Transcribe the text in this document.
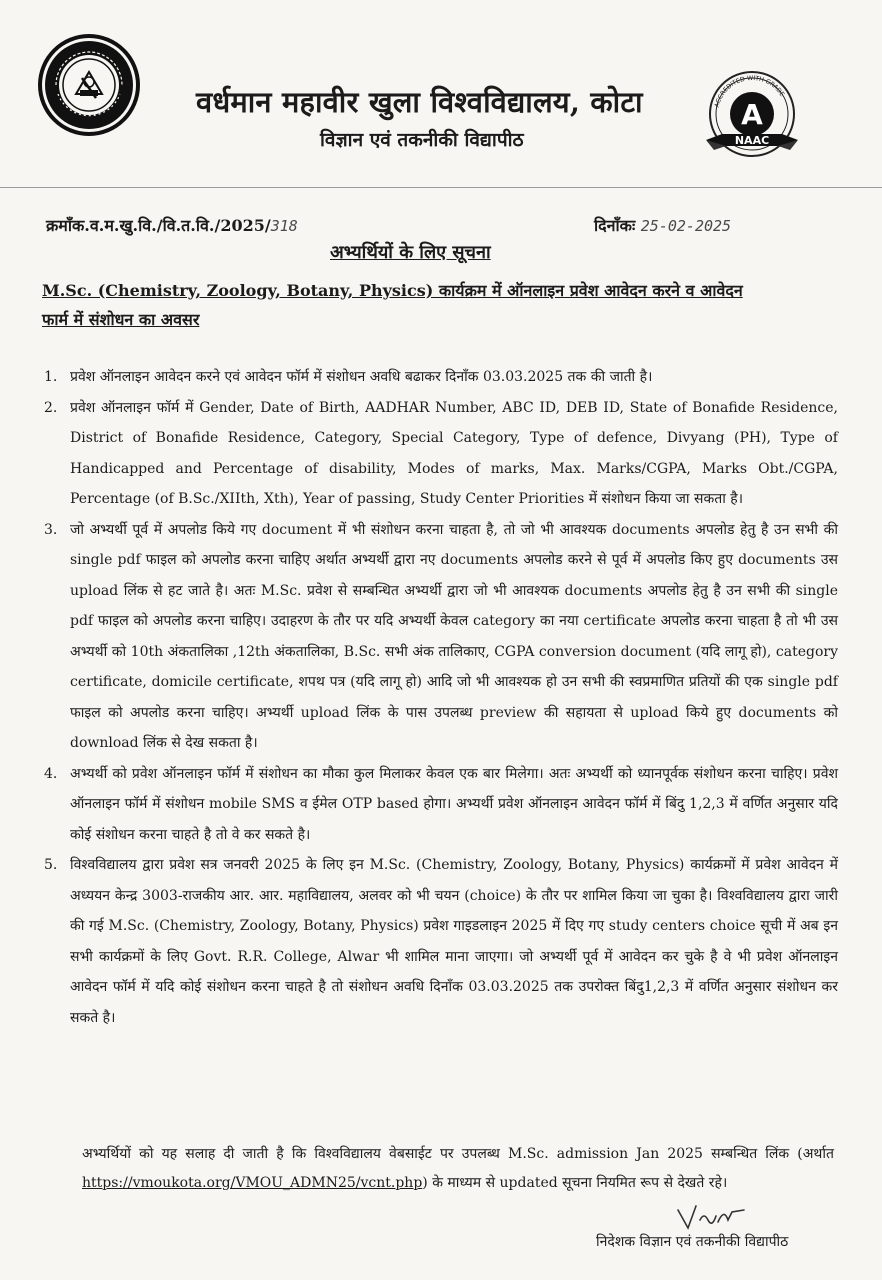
A
NAAC
ACCREDITED WITH GRADE
वर्धमान महावीर खुला विश्वविद्यालय, कोटा
विज्ञान एवं तकनीकी विद्यापीठ
क्रमाँक.व.म.खु.वि./वि.त.वि./2025/318	दिनाँकः 25-02-2025
अभ्यर्थियों के लिए सूचना
M.Sc. (Chemistry, Zoology, Botany, Physics) कार्यक्रम में ऑनलाइन प्रवेश आवेदन करने व आवेदन
फार्म में संशोधन का अवसर
1. प्रवेश ऑनलाइन आवेदन करने एवं आवेदन फॉर्म में संशोधन अवधि बढाकर दिनाँक 03.03.2025 तक की जाती है।
2. प्रवेश ऑनलाइन फॉर्म में Gender, Date of Birth, AADHAR Number, ABC ID, DEB ID, State of Bonafide Residence, District of Bonafide Residence, Category, Special Category, Type of defence, Divyang (PH), Type of Handicapped and Percentage of disability, Modes of marks, Max. Marks/CGPA, Marks Obt./CGPA, Percentage (of B.Sc./XIIth, Xth), Year of passing, Study Center Priorities में संशोधन किया जा सकता है।
3. जो अभ्यर्थी पूर्व में अपलोड किये गए document में भी संशोधन करना चाहता है, तो जो भी आवश्यक documents अपलोड हेतु है उन सभी की single pdf फाइल को अपलोड करना चाहिए अर्थात अभ्यर्थी द्वारा नए documents अपलोड करने से पूर्व में अपलोड किए हुए documents उस upload लिंक से हट जाते है। अतः M.Sc. प्रवेश से सम्बन्धित अभ्यर्थी द्वारा जो भी आवश्यक documents अपलोड हेतु है उन सभी की single pdf फाइल को अपलोड करना चाहिए। उदाहरण के तौर पर यदि अभ्यर्थी केवल category का नया certificate अपलोड करना चाहता है तो भी उस अभ्यर्थी को 10th अंकतालिका ,12th अंकतालिका, B.Sc. सभी अंक तालिकाए, CGPA conversion document (यदि लागू हो), category certificate, domicile certificate, शपथ पत्र (यदि लागू हो) आदि जो भी आवश्यक हो उन सभी की स्वप्रमाणित प्रतियों की एक single pdf फाइल को अपलोड करना चाहिए। अभ्यर्थी upload लिंक के पास उपलब्ध preview की सहायता से upload किये हुए documents को download लिंक से देख सकता है।
4. अभ्यर्थी को प्रवेश ऑनलाइन फॉर्म में संशोधन का मौका कुल मिलाकर केवल एक बार मिलेगा। अतः अभ्यर्थी को ध्यानपूर्वक संशोधन करना चाहिए। प्रवेश ऑनलाइन फॉर्म में संशोधन mobile SMS व ईमेल OTP based होगा। अभ्यर्थी प्रवेश ऑनलाइन आवेदन फॉर्म में बिंदु 1,2,3 में वर्णित अनुसार यदि कोई संशोधन करना चाहते है तो वे कर सकते है।
5. विश्वविद्यालय द्वारा प्रवेश सत्र जनवरी 2025 के लिए इन M.Sc. (Chemistry, Zoology, Botany, Physics) कार्यक्रमों में प्रवेश आवेदन में अध्ययन केन्द्र 3003-राजकीय आर. आर. महाविद्यालय, अलवर को भी चयन (choice) के तौर पर शामिल किया जा चुका है। विश्वविद्यालय द्वारा जारी की गई M.Sc. (Chemistry, Zoology, Botany, Physics) प्रवेश गाइडलाइन 2025 में दिए गए study centers choice सूची में अब इन सभी कार्यक्रमों के लिए Govt. R.R. College, Alwar भी शामिल माना जाएगा। जो अभ्यर्थी पूर्व में आवेदन कर चुके है वे भी प्रवेश ऑनलाइन आवेदन फॉर्म में यदि कोई संशोधन करना चाहते है तो संशोधन अवधि दिनाँक 03.03.2025 तक उपरोक्त बिंदु1,2,3 में वर्णित अनुसार संशोधन कर सकते है।
अभ्यर्थियों को यह सलाह दी जाती है कि विश्वविद्यालय वेबसाईट पर उपलब्ध M.Sc. admission Jan 2025 सम्बन्धित लिंक (अर्थात https://vmoukota.org/VMOU_ADMN25/vcnt.php) के माध्यम से updated सूचना नियमित रूप से देखते रहे।
निदेशक विज्ञान एवं तकनीकी विद्यापीठ
